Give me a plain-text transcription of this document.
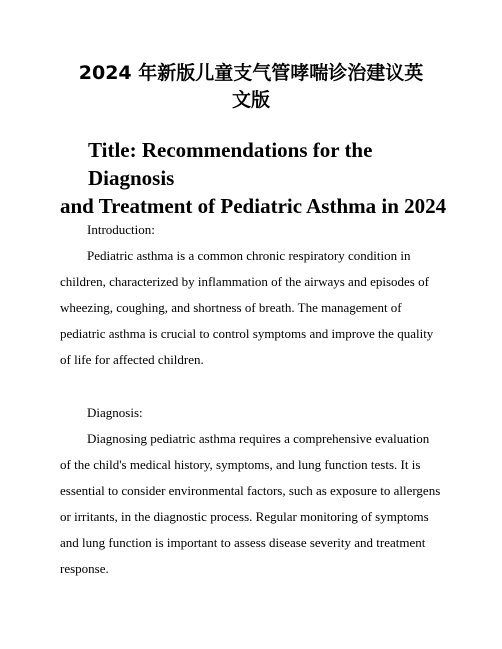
2024 年新版儿童支气管哮喘诊治建议英
文版
Title: Recommendations for the Diagnosis
and Treatment of Pediatric Asthma in 2024
Introduction:
Pediatric asthma is a common chronic respiratory condition in children, characterized by inflammation of the airways and episodes of wheezing, coughing, and shortness of breath. The management of pediatric asthma is crucial to control symptoms and improve the quality of life for affected children.
Diagnosis:
Diagnosing pediatric asthma requires a comprehensive evaluation of the child's medical history, symptoms, and lung function tests. It is essential to consider environmental factors, such as exposure to allergens or irritants, in the diagnostic process. Regular monitoring of symptoms and lung function is important to assess disease severity and treatment response.
